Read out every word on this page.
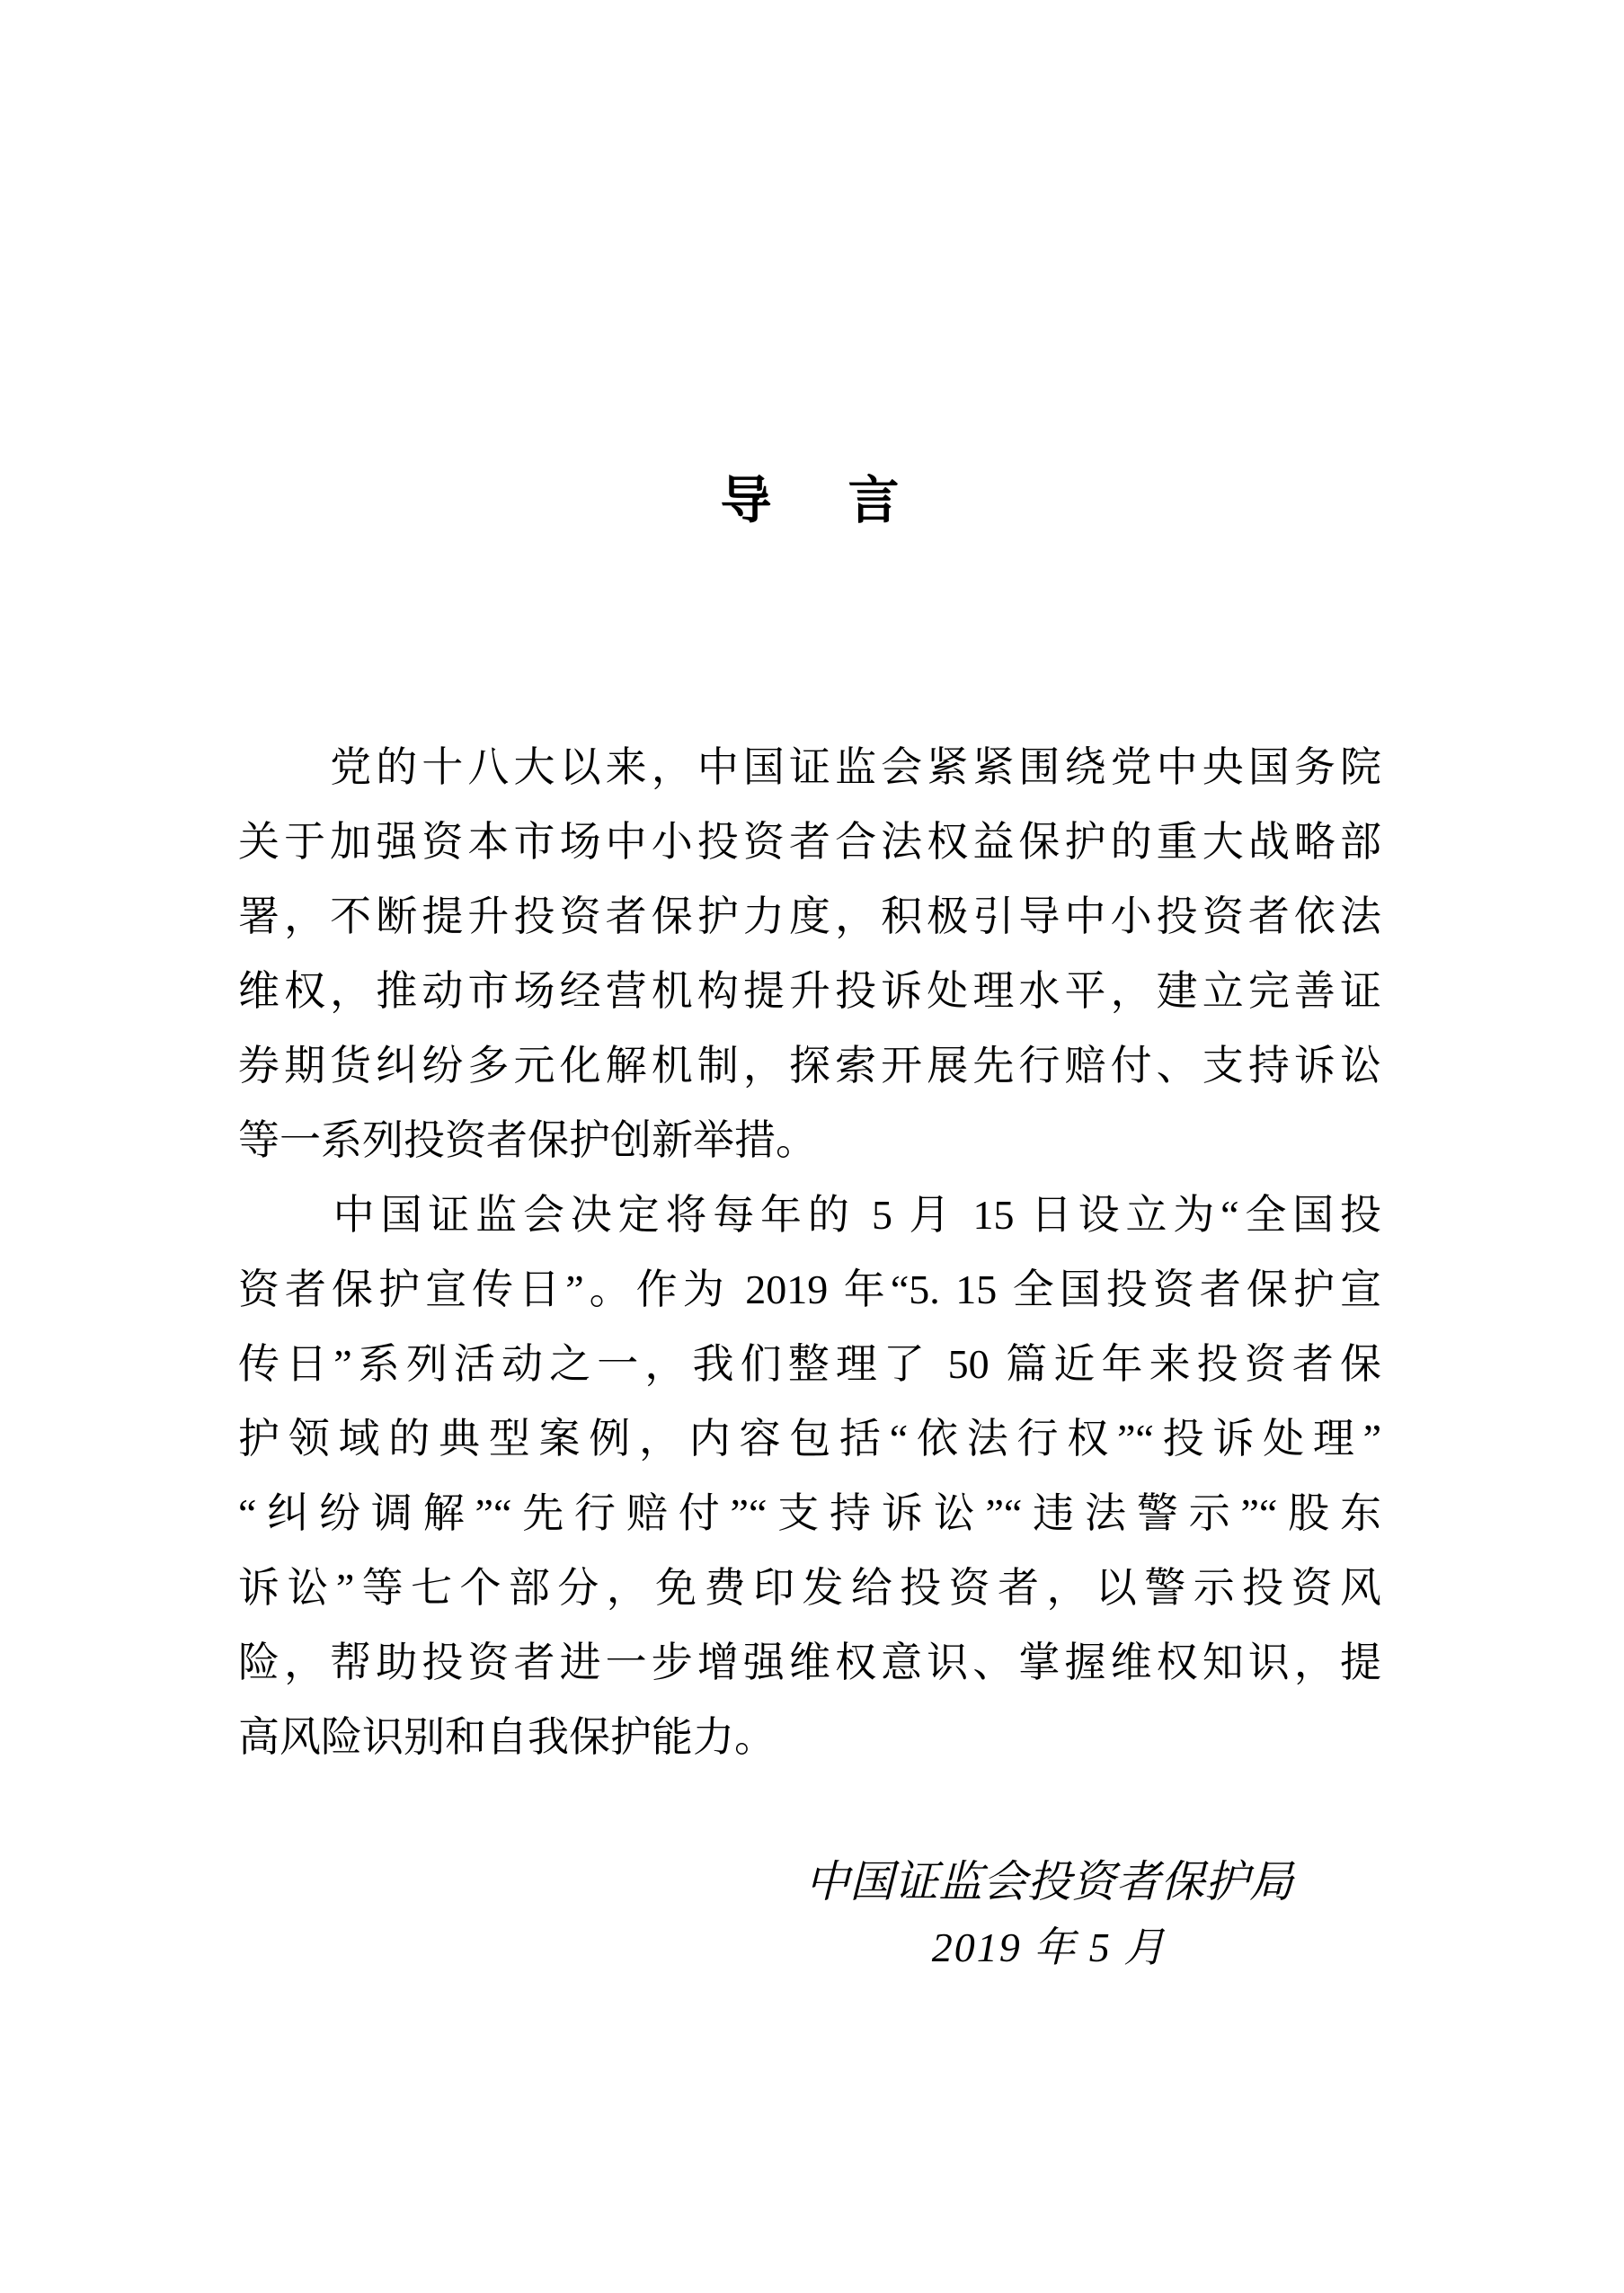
导 言
　　党的十八大以来，中国证监会紧紧围绕党中央国务院
关于加强资本市场中小投资者合法权益保护的重大战略部
署，不断提升投资者保护力度，积极引导中小投资者依法
维权，推动市场经营机构提升投诉处理水平，建立完善证
券期货纠纷多元化解机制，探索开展先行赔付、支持诉讼
等一系列投资者保护创新举措。
　　中国证监会决定将每年的 5 月 15 日设立为“全国投
资者保护宣传日”。作为 2019 年“5. 15 全国投资者保护宣
传日”系列活动之一，我们整理了 50 篇近年来投资者保
护领域的典型案例，内容包括“依法行权”“投诉处理”
“纠纷调解”“先行赔付”“支持诉讼”“违法警示”“股东
诉讼”等七个部分，免费印发给投资者，以警示投资风
险，帮助投资者进一步增强维权意识、掌握维权知识，提
高风险识别和自我保护能力。
中国证监会投资者保护局
2019 年 5 月
